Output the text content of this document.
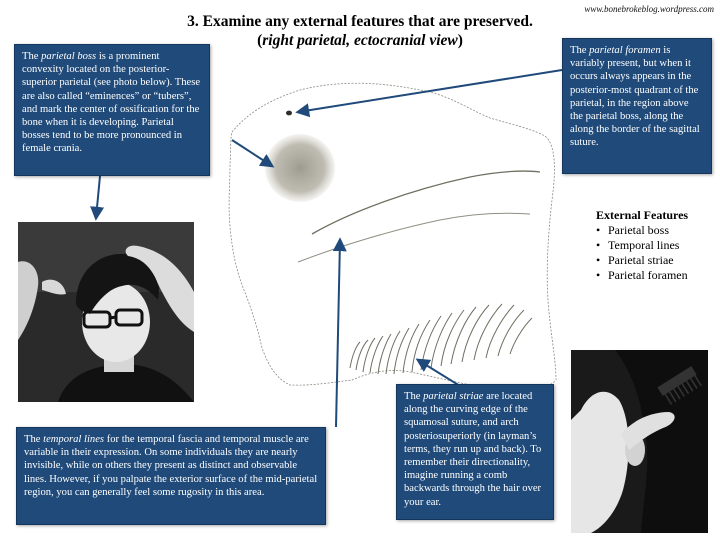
www.bonebrokeblog.wordpress.com
3. Examine any external features that are preserved.
(right parietal, ectocranial view)
The parietal boss is a prominent convexity located on the posterior-superior parietal (see photo below). These are also called “eminences” or “tubers”, and mark the center of ossification for the bone when it is developing. Parietal bosses tend to be more pronounced in female crania.
The parietal foramen is variably present, but when it occurs always appears in the posterior-most quadrant of the parietal, in the region above the parietal boss, along the along the border of the sagittal suture.
The parietal striae are located along the curving edge of the squamosal suture, and arch posteriosuperiorly (in layman’s terms, they run up and back). To remember their directionality, imagine running a comb backwards through the hair over your ear.
The temporal lines for the temporal fascia and temporal muscle are variable in their expression. On some individuals they are nearly invisible, while on others they present as distinct and observable lines. However, if you palpate the exterior surface of the mid-parietal region, you can generally feel some rugosity in this area.
External Features
• Parietal boss
• Temporal lines
• Parietal striae
• Parietal foramen
